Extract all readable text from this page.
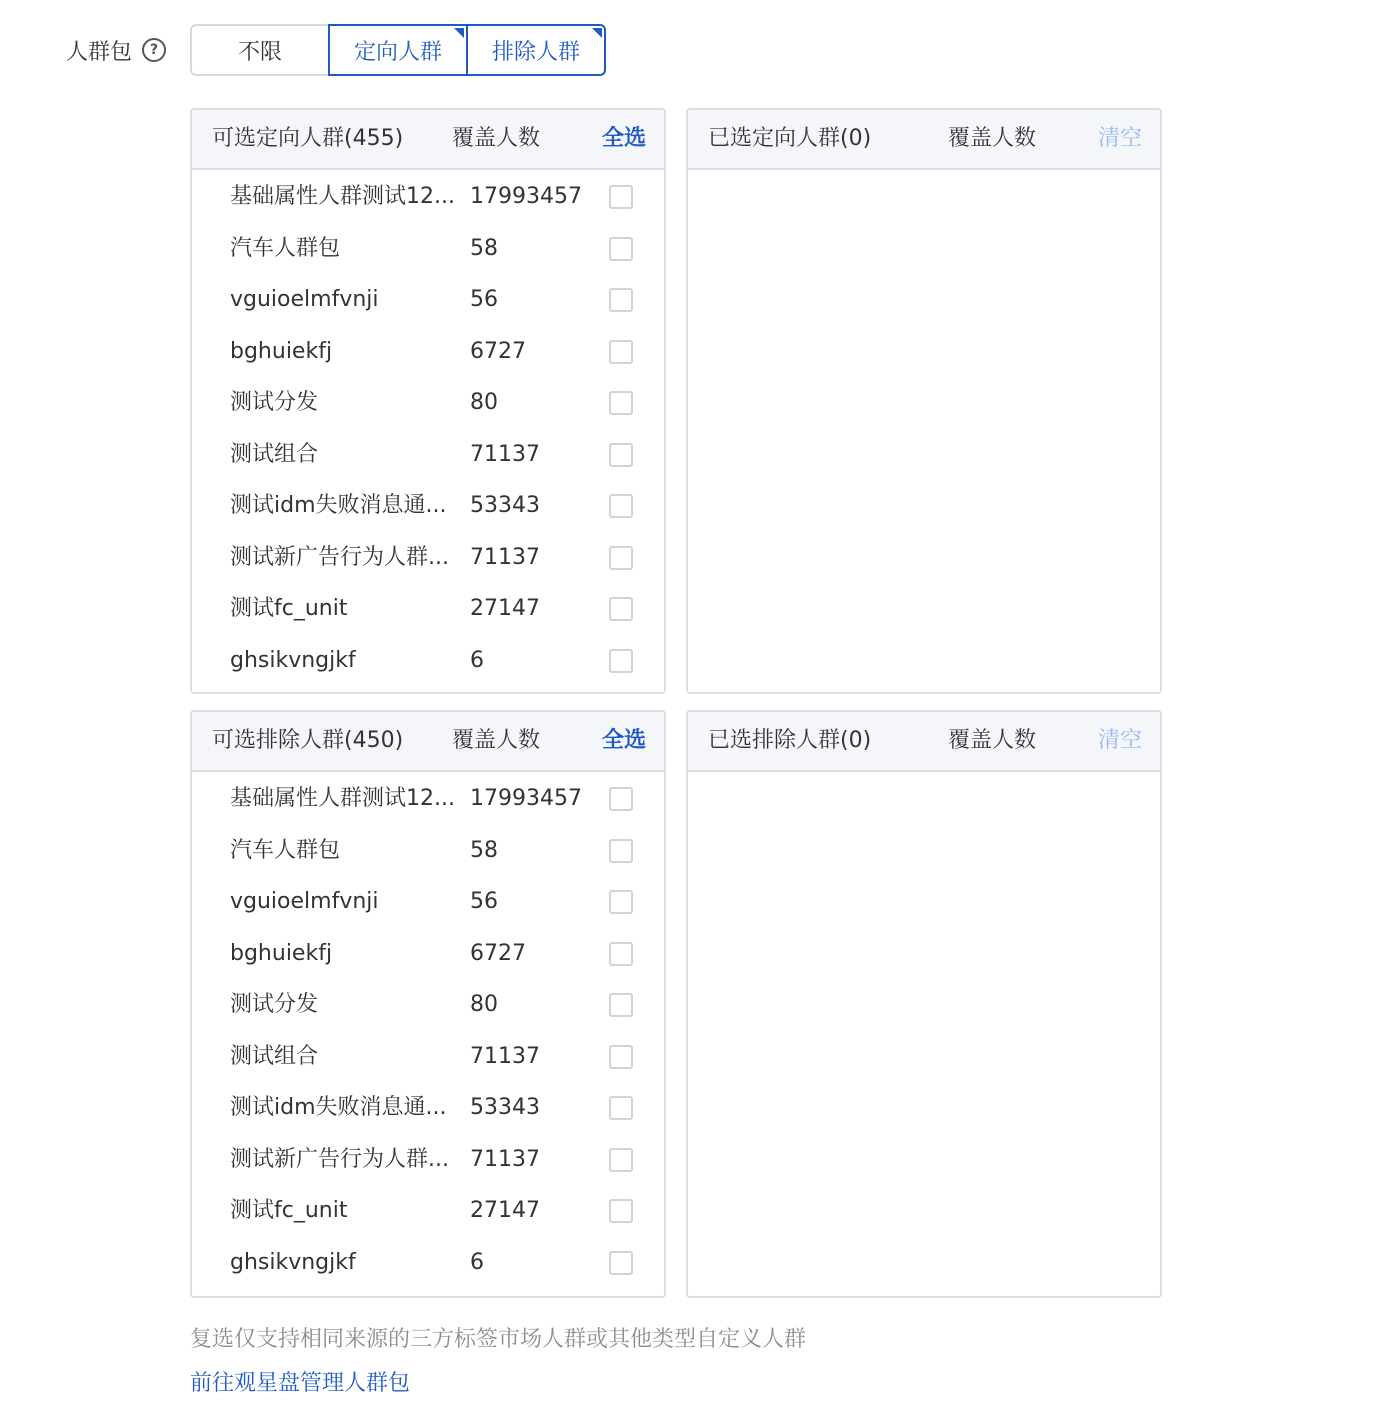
人群包	?	不限	定向人群 排除人群
可选定向人群(455) 覆盖人数	全选
基础属性人群测试12... 17993457
汽车人群包	58
vguioelmfvnji	56
bghuiekfj	6727
测试分发	80
测试组合	71137
测试idm失败消息通...	53343
测试新广告行为人群... 71137
测试fc_unit	27147
ghsikvngjkf	6
已选定向人群(0)	覆盖人数	清空
可选排除人群(450) 覆盖人数	全选
基础属性人群测试12... 17993457
汽车人群包	58
vguioelmfvnji	56
bghuiekfj	6727
测试分发	80
测试组合	71137
测试idm失败消息通...	53343
测试新广告行为人群... 71137
测试fc_unit	27147
ghsikvngjkf	6
已选排除人群(0)	覆盖人数	清空
复选仅支持相同来源的三方标签市场人群或其他类型自定义人群
前往观星盘管理人群包
